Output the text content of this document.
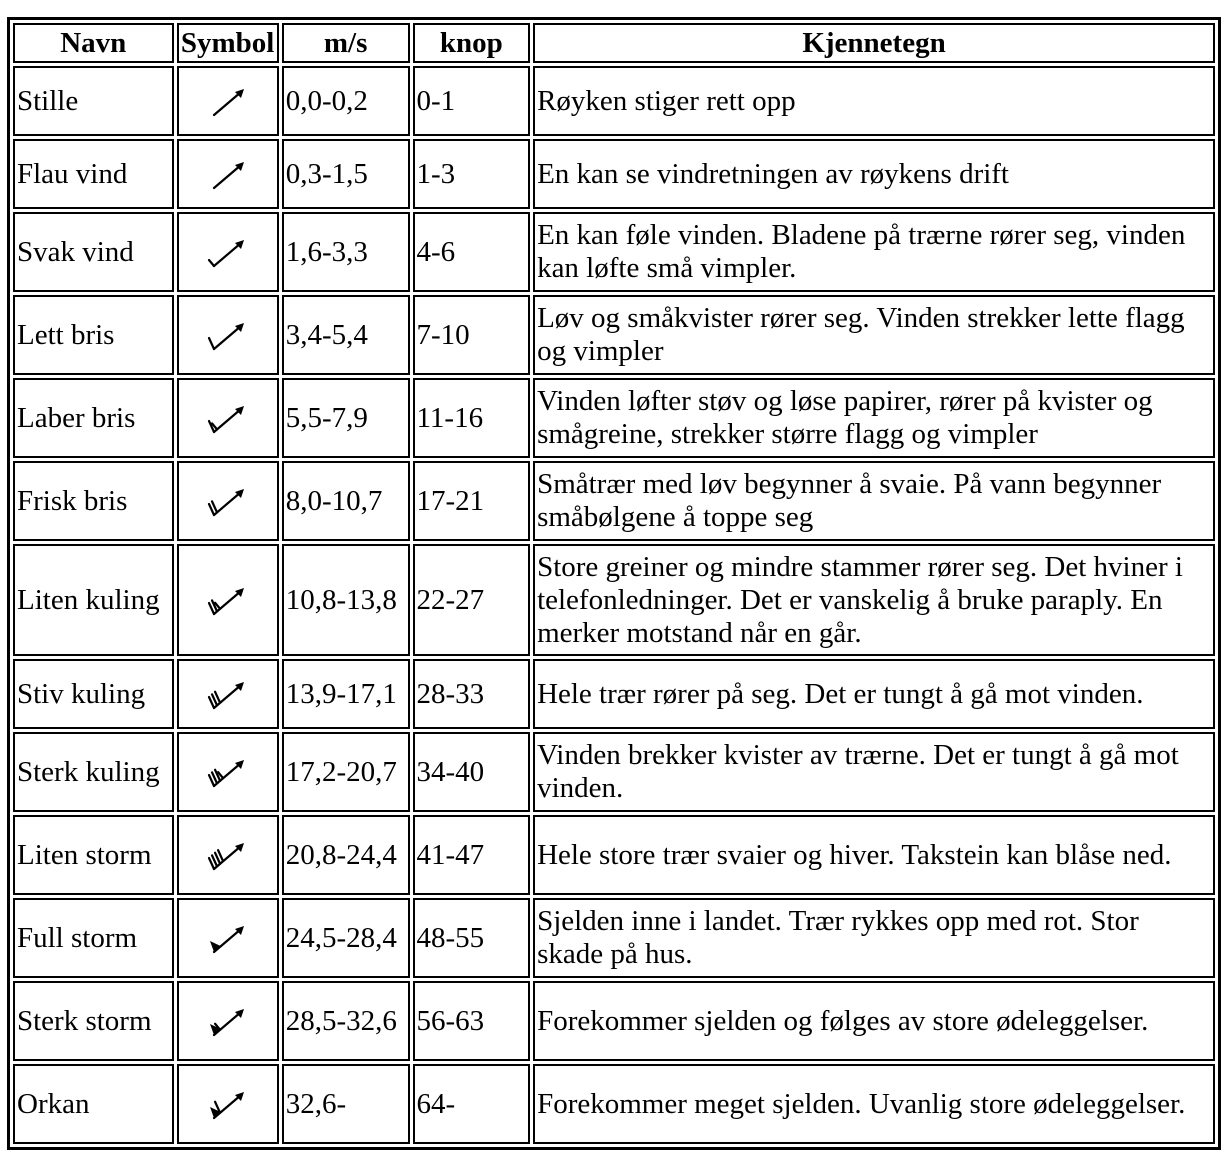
Navn	Symbol	m/s	knop	Kjennetegn
Stille		0,0-0,2	0-1	Røyken stiger rett opp
Flau vind		0,3-1,5	1-3	En kan se vindretningen av røykens drift
Svak vind		1,6-3,3	4-6	En kan føle vinden. Bladene på trærne rører seg, vinden kan løfte små vimpler.
Lett bris		3,4-5,4	7-10	Løv og småkvister rører seg. Vinden strekker lette flagg og vimpler
Laber bris		5,5-7,9	11-16	Vinden løfter støv og løse papirer, rører på kvister og smågreine, strekker større flagg og vimpler
Frisk bris		8,0-10,7	17-21	Småtrær med løv begynner å svaie. På vann begynner småbølgene å toppe seg
Liten kuling		10,8-13,8	22-27	Store greiner og mindre stammer rører seg. Det hviner i telefonledninger. Det er vanskelig å bruke paraply. En merker motstand når en går.
Stiv kuling		13,9-17,1	28-33	Hele trær rører på seg. Det er tungt å gå mot vinden.
Sterk kuling		17,2-20,7	34-40	Vinden brekker kvister av trærne. Det er tungt å gå mot vinden.
Liten storm		20,8-24,4	41-47	Hele store trær svaier og hiver. Takstein kan blåse ned.
Full storm		24,5-28,4	48-55	Sjelden inne i landet. Trær rykkes opp med rot. Stor skade på hus.
Sterk storm		28,5-32,6	56-63	Forekommer sjelden og følges av store ødeleggelser.
Orkan		32,6-	64-	Forekommer meget sjelden. Uvanlig store ødeleggelser.
